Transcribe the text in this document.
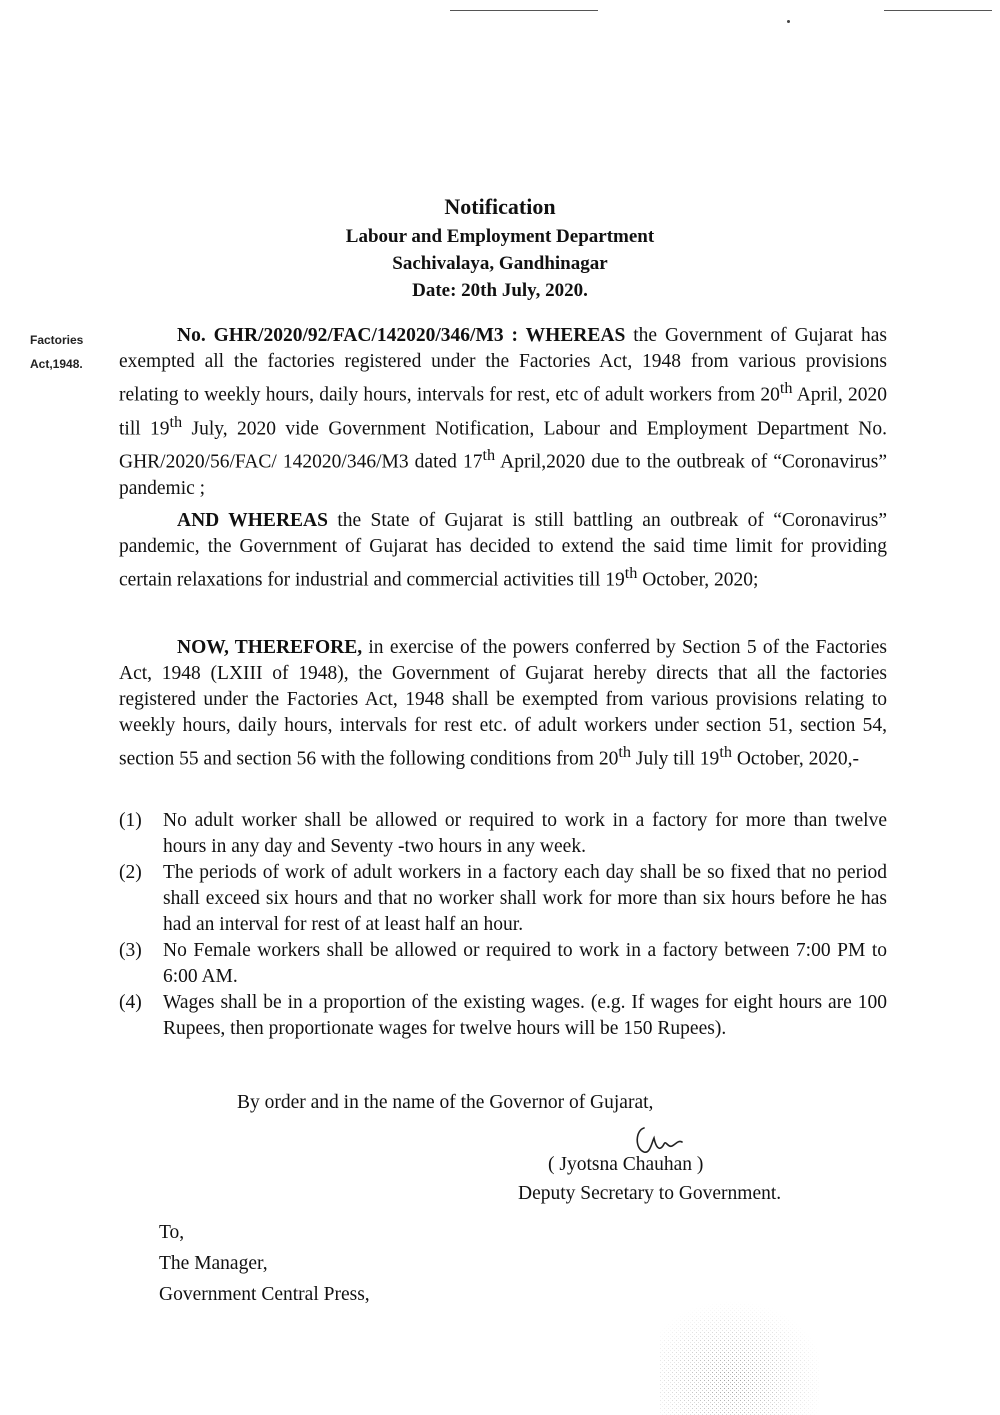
Notification
Labour and Employment Department
Sachivalaya, Gandhinagar
Date: 20th July, 2020.
Factories
Act,1948.

No. GHR/2020/92/FAC/142020/346/M3 : WHEREAS the Government of Gujarat has exempted all the factories registered under the Factories Act, 1948 from various provisions relating to weekly hours, daily hours, intervals for rest, etc of adult workers from 20th April, 2020 till 19th July, 2020 vide Government Notification, Labour and Employment Department No. GHR/2020/56/FAC/ 142020/346/M3 dated 17th April,2020 due to the outbreak of “Coronavirus” pandemic ;

AND WHEREAS the State of Gujarat is still battling an outbreak of “Coronavirus” pandemic, the Government of Gujarat has decided to extend the said time limit for providing certain relaxations for industrial and commercial activities till 19th October, 2020;

NOW, THEREFORE, in exercise of the powers conferred by Section 5 of the Factories Act, 1948 (LXIII of 1948), the Government of Gujarat hereby directs that all the factories registered under the Factories Act, 1948 shall be exempted from various provisions relating to weekly hours, daily hours, intervals for rest etc. of adult workers under section 51, section 54, section 55 and section 56 with the following conditions from 20th July till 19th October, 2020,-

(1) No adult worker shall be allowed or required to work in a factory for more than twelve hours in any day and Seventy -two hours in any week.

(2) The periods of work of adult workers in a factory each day shall be so fixed that no period shall exceed six hours and that no worker shall work for more than six hours before he has had an interval for rest of at least half an hour.

(3) No Female workers shall be allowed or required to work in a factory between 7:00 PM to 6:00 AM.

(4) Wages shall be in a proportion of the existing wages. (e.g. If wages for eight hours are 100 Rupees, then proportionate wages for twelve hours will be 150 Rupees).

By order and in the name of the Governor of Gujarat,
( Jyotsna Chauhan )
Deputy Secretary to Government.
To,
The Manager,
Government Central Press,
